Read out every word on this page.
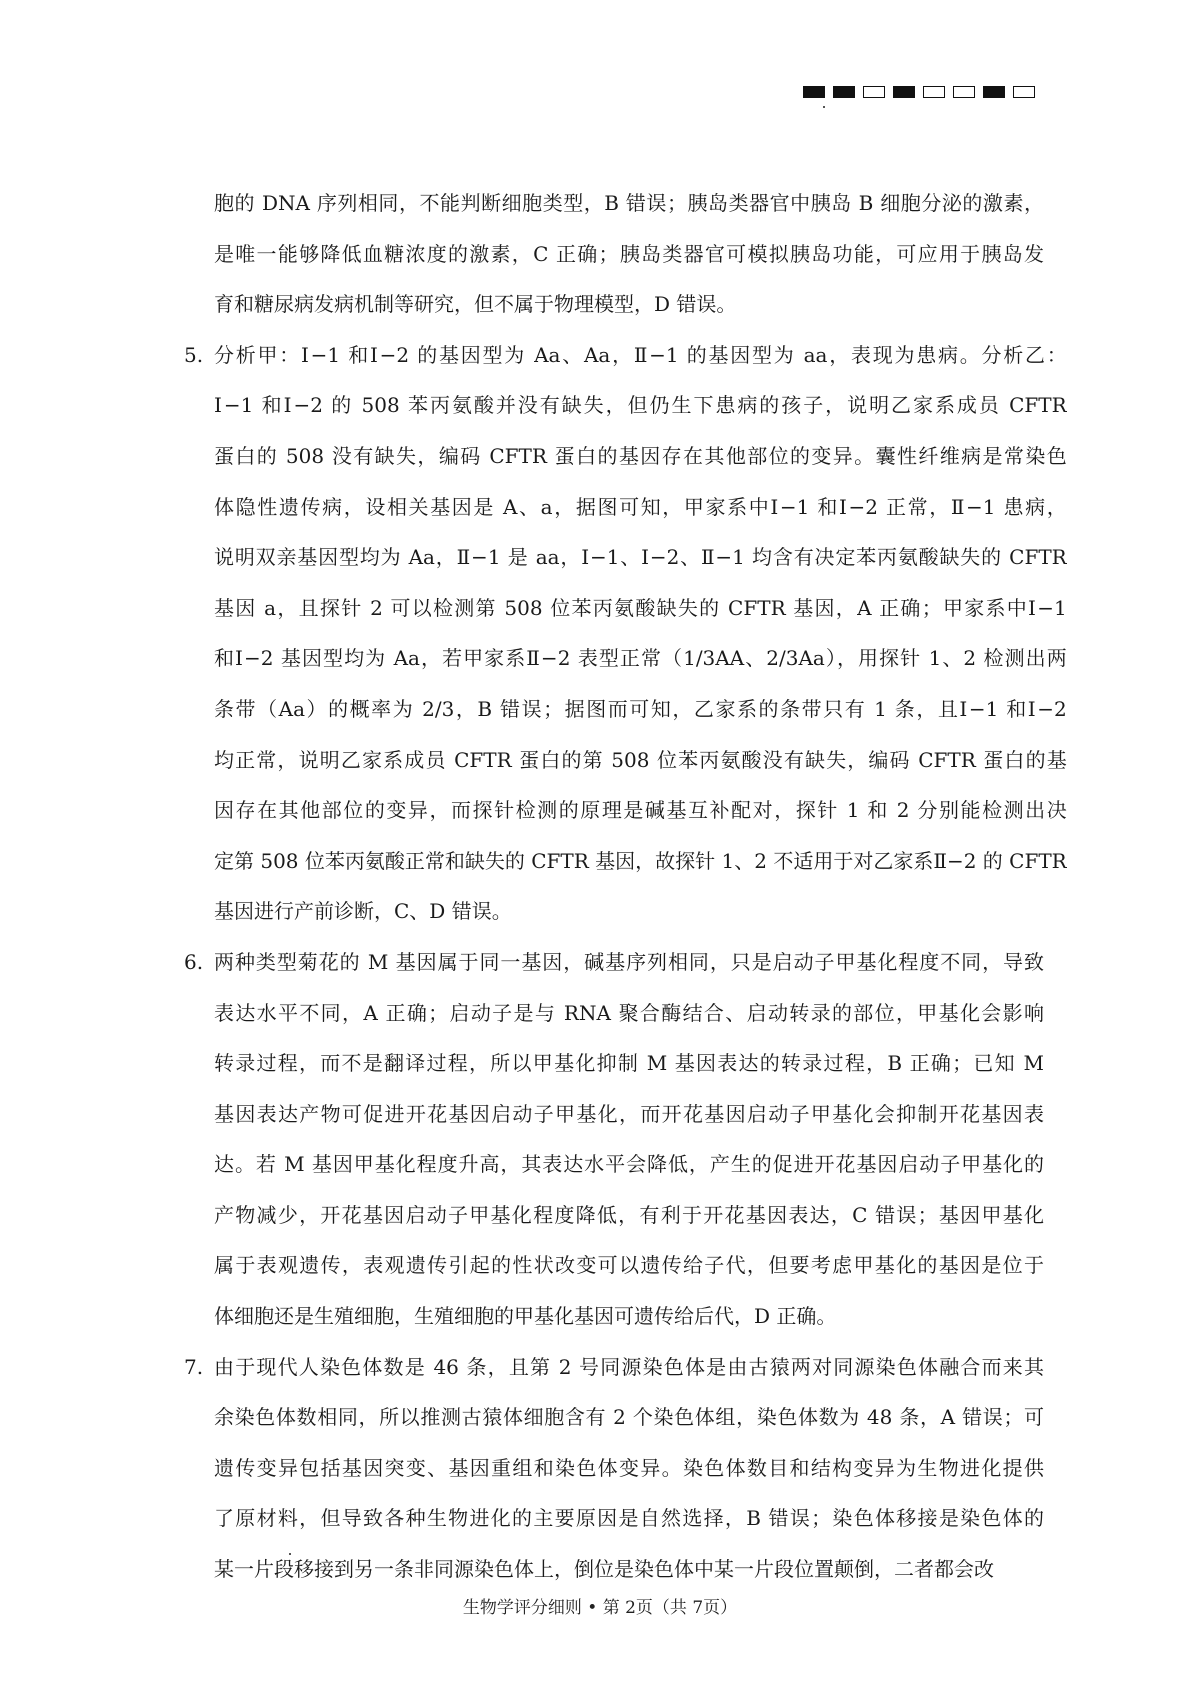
胞的 DNA 序列相同，不能判断细胞类型，B 错误；胰岛类器官中胰岛 B 细胞分泌的激素，
是唯一能够降低血糖浓度的激素，C 正确；胰岛类器官可模拟胰岛功能，可应用于胰岛发
育和糖尿病发病机制等研究，但不属于物理模型，D 错误。
5. 分析甲：Ⅰ−1 和Ⅰ−2 的基因型为 Aa、Aa，Ⅱ−1 的基因型为 aa，表现为患病。分析乙：
Ⅰ−1 和Ⅰ−2 的 508 苯丙氨酸并没有缺失，但仍生下患病的孩子，说明乙家系成员 CFTR
蛋白的 508 没有缺失，编码 CFTR 蛋白的基因存在其他部位的变异。囊性纤维病是常染色
体隐性遗传病，设相关基因是 A、a，据图可知，甲家系中Ⅰ−1 和Ⅰ−2 正常，Ⅱ−1 患病，
说明双亲基因型均为 Aa，Ⅱ−1 是 aa，Ⅰ−1、Ⅰ−2、Ⅱ−1 均含有决定苯丙氨酸缺失的 CFTR
基因 a，且探针 2 可以检测第 508 位苯丙氨酸缺失的 CFTR 基因，A 正确；甲家系中Ⅰ−1
和Ⅰ−2 基因型均为 Aa，若甲家系Ⅱ−2 表型正常（1/3AA、2/3Aa），用探针 1、2 检测出两
条带（Aa）的概率为 2/3，B 错误；据图而可知，乙家系的条带只有 1 条，且Ⅰ−1 和Ⅰ−2
均正常，说明乙家系成员 CFTR 蛋白的第 508 位苯丙氨酸没有缺失，编码 CFTR 蛋白的基
因存在其他部位的变异，而探针检测的原理是碱基互补配对，探针 1 和 2 分别能检测出决
定第 508 位苯丙氨酸正常和缺失的 CFTR 基因，故探针 1、2 不适用于对乙家系Ⅱ−2 的 CFTR
基因进行产前诊断，C、D 错误。
6. 两种类型菊花的 M 基因属于同一基因，碱基序列相同，只是启动子甲基化程度不同，导致
表达水平不同，A 正确；启动子是与 RNA 聚合酶结合、启动转录的部位，甲基化会影响
转录过程，而不是翻译过程，所以甲基化抑制 M 基因表达的转录过程，B 正确；已知 M
基因表达产物可促进开花基因启动子甲基化，而开花基因启动子甲基化会抑制开花基因表
达。若 M 基因甲基化程度升高，其表达水平会降低，产生的促进开花基因启动子甲基化的
产物减少，开花基因启动子甲基化程度降低，有利于开花基因表达，C 错误；基因甲基化
属于表观遗传，表观遗传引起的性状改变可以遗传给子代，但要考虑甲基化的基因是位于
体细胞还是生殖细胞，生殖细胞的甲基化基因可遗传给后代，D 正确。
7. 由于现代人染色体数是 46 条，且第 2 号同源染色体是由古猿两对同源染色体融合而来其
余染色体数相同，所以推测古猿体细胞含有 2 个染色体组，染色体数为 48 条，A 错误；可
遗传变异包括基因突变、基因重组和染色体变异。染色体数目和结构变异为生物进化提供
了原材料，但导致各种生物进化的主要原因是自然选择，B 错误；染色体移接是染色体的
某一片段移接到另一条非同源染色体上，倒位是染色体中某一片段位置颠倒，二者都会改
生物学评分细则 • 第 2页（共 7页）
